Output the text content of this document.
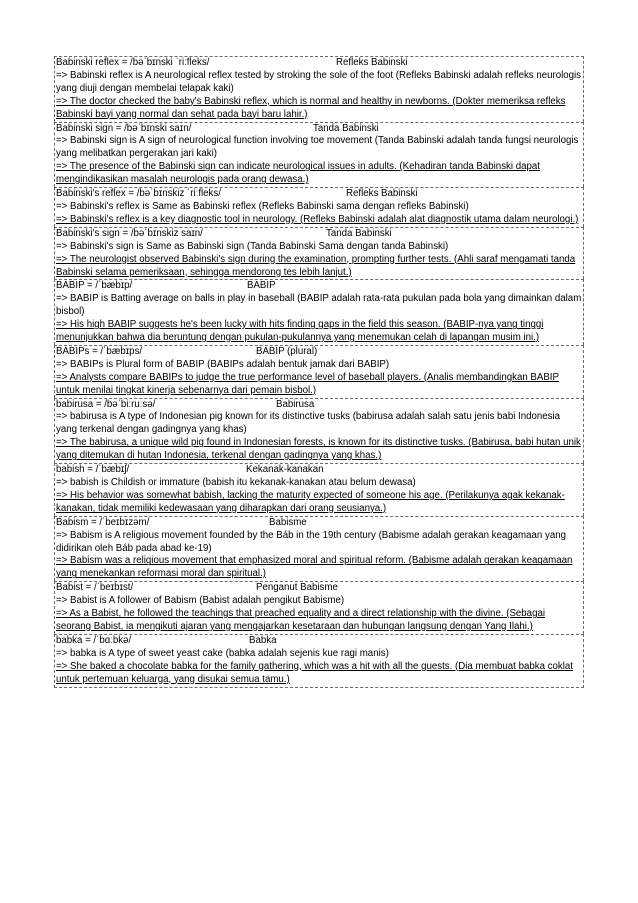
Babinski reflex = /bəˈbɪnski ˈriːfleks/	Refleks Babinski
=> Babinski reflex is A neurological reflex tested by stroking the sole of the foot (Refleks Babinski adalah refleks neurologis yang diuji dengan membelai telapak kaki)
=> The doctor checked the baby's Babinski reflex, which is normal and healthy in newborns. (Dokter memeriksa refleks Babinski bayi yang normal dan sehat pada bayi baru lahir.)
Babinski sign = /bəˈbɪnski saɪn/	Tanda Babinski
=> Babinski sign is A sign of neurological function involving toe movement (Tanda Babinski adalah tanda fungsi neurologis yang melibatkan pergerakan jari kaki)
=> The presence of the Babinski sign can indicate neurological issues in adults. (Kehadiran tanda Babinski dapat mengindikasikan masalah neurologis pada orang dewasa.)
Babinski's reflex = /bəˈbɪnskiz ˈriːfleks/	Refleks Babinski
=> Babinski's reflex is Same as Babinski reflex (Refleks Babinski sama dengan refleks Babinski)
=> Babinski's reflex is a key diagnostic tool in neurology. (Refleks Babinski adalah alat diagnostik utama dalam neurologi.)
Babinski's sign = /bəˈbɪnskiz saɪn/	Tanda Babinski
=> Babinski's sign is Same as Babinski sign (Tanda Babinski Sama dengan tanda Babinski)
=> The neurologist observed Babinski's sign during the examination, prompting further tests. (Ahli saraf mengamati tanda Babinski selama pemeriksaan, sehingga mendorong tes lebih lanjut.)
BABIP = /ˈbæbɪp/	BABIP
=> BABIP is Batting average on balls in play in baseball (BABIP adalah rata-rata pukulan pada bola yang dimainkan dalam bisbol)
=> His high BABIP suggests he's been lucky with hits finding gaps in the field this season. (BABIP-nya yang tinggi menunjukkan bahwa dia beruntung dengan pukulan-pukulannya yang menemukan celah di lapangan musim ini.)
BABIPs = /ˈbæbɪps/	BABIP (plural)
=> BABIPs is Plural form of BABIP (BABIPs adalah bentuk jamak dari BABIP)
=> Analysts compare BABIPs to judge the true performance level of baseball players. (Analis membandingkan BABIP untuk menilai tingkat kinerja sebenarnya dari pemain bisbol.)
babirusa = /bəˈbiːruːsə/	Babirusa
=> babirusa is A type of Indonesian pig known for its distinctive tusks (babirusa adalah salah satu jenis babi Indonesia yang terkenal dengan gadingnya yang khas)
=> The babirusa, a unique wild pig found in Indonesian forests, is known for its distinctive tusks. (Babirusa, babi hutan unik yang ditemukan di hutan Indonesia, terkenal dengan gadingnya yang khas.)
babish = /ˈbæbɪʃ/	Kekanak-kanakan
=> babish is Childish or immature (babish itu kekanak-kanakan atau belum dewasa)
=> His behavior was somewhat babish, lacking the maturity expected of someone his age. (Perilakunya agak kekanak-kanakan, tidak memiliki kedewasaan yang diharapkan dari orang seusianya.)
Babism = /ˈbeɪbɪzəm/	Babisme
=> Babism is A religious movement founded by the Báb in the 19th century (Babisme adalah gerakan keagamaan yang didirikan oleh Báb pada abad ke-19)
=> Babism was a religious movement that emphasized moral and spiritual reform. (Babisme adalah gerakan keagamaan yang menekankan reformasi moral dan spiritual.)
Babist = /ˈbeɪbɪst/	Penganut Babisme
=> Babist is A follower of Babism (Babist adalah pengikut Babisme)
=> As a Babist, he followed the teachings that preached equality and a direct relationship with the divine. (Sebagai seorang Babist, ia mengikuti ajaran yang mengajarkan kesetaraan dan hubungan langsung dengan Yang Ilahi.)
babka = /ˈbɑːbkə/	Babka
=> babka is A type of sweet yeast cake (babka adalah sejenis kue ragi manis)
=> She baked a chocolate babka for the family gathering, which was a hit with all the guests. (Dia membuat babka coklat untuk pertemuan keluarga, yang disukai semua tamu.)
